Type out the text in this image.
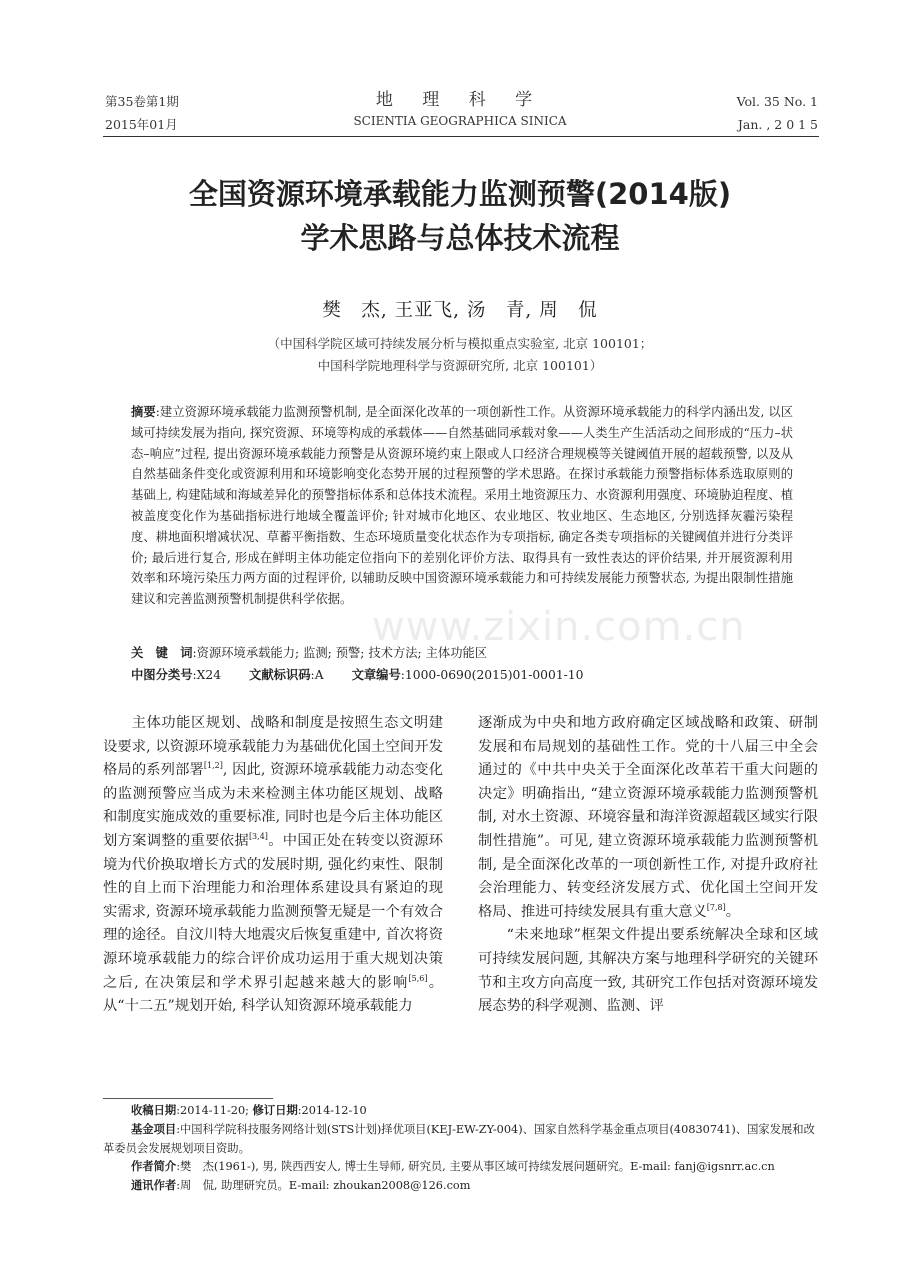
第35卷第1期
2015年01月
地 理 科 学
SCIENTIA GEOGRAPHICA SINICA
Vol. 35 No. 1
Jan. , 2 0 1 5
全国资源环境承载能力监测预警(2014版)
学术思路与总体技术流程
樊　杰, 王亚飞, 汤　青, 周　侃
（中国科学院区域可持续发展分析与模拟重点实验室, 北京 100101；
中国科学院地理科学与资源研究所, 北京 100101）
摘要:建立资源环境承载能力监测预警机制, 是全面深化改革的一项创新性工作。从资源环境承载能力的科学内涵出发, 以区域可持续发展为指向, 探究资源、环境等构成的承载体——自然基础同承载对象——人类生产生活活动之间形成的“压力–状态–响应”过程, 提出资源环境承载能力预警是从资源环境约束上限或人口经济合理规模等关键阈值开展的超载预警, 以及从自然基础条件变化或资源利用和环境影响变化态势开展的过程预警的学术思路。在探讨承载能力预警指标体系选取原则的基础上, 构建陆域和海域差异化的预警指标体系和总体技术流程。采用土地资源压力、水资源利用强度、环境胁迫程度、植被盖度变化作为基础指标进行地域全覆盖评价; 针对城市化地区、农业地区、牧业地区、生态地区, 分别选择灰霾污染程度、耕地面积增减状况、草蓄平衡指数、生态环境质量变化状态作为专项指标, 确定各类专项指标的关键阈值并进行分类评价; 最后进行复合, 形成在鲜明主体功能定位指向下的差别化评价方法、取得具有一致性表达的评价结果, 并开展资源利用效率和环境污染压力两方面的过程评价, 以辅助反映中国资源环境承载能力和可持续发展能力预警状态, 为提出限制性措施建议和完善监测预警机制提供科学依据。
关　键　词:资源环境承载能力; 监测; 预警; 技术方法; 主体功能区
中图分类号:X24 文献标识码:A 文章编号:1000-0690(2015)01-0001-10
www.zixin.com.cn

主体功能区规划、战略和制度是按照生态文明建设要求, 以资源环境承载能力为基础优化国土空间开发格局的系列部署[1,2], 因此, 资源环境承载能力动态变化的监测预警应当成为未来检测主体功能区规划、战略和制度实施成效的重要标准, 同时也是今后主体功能区划方案调整的重要依据[3,4]。中国正处在转变以资源环境为代价换取增长方式的发展时期, 强化约束性、限制性的自上而下治理能力和治理体系建设具有紧迫的现实需求, 资源环境承载能力监测预警无疑是一个有效合理的途径。自汶川特大地震灾后恢复重建中, 首次将资源环境承载能力的综合评价成功运用于重大规划决策之后, 在决策层和学术界引起越来越大的影响[5,6]。从“十二五”规划开始, 科学认知资源环境承载能力

逐渐成为中央和地方政府确定区域战略和政策、研制发展和布局规划的基础性工作。党的十八届三中全会通过的《中共中央关于全面深化改革若干重大问题的决定》明确指出, “建立资源环境承载能力监测预警机制, 对水土资源、环境容量和海洋资源超载区域实行限制性措施”。可见, 建立资源环境承载能力监测预警机制, 是全面深化改革的一项创新性工作, 对提升政府社会治理能力、转变经济发展方式、优化国土空间开发格局、推进可持续发展具有重大意义[7,8]。

“未来地球”框架文件提出要系统解决全球和区域可持续发展问题, 其解决方案与地理科学研究的关键环节和主攻方向高度一致, 其研究工作包括对资源环境发展态势的科学观测、监测、评

收稿日期:2014-11-20; 修订日期:2014-12-10
基金项目:中国科学院科技服务网络计划(STS计划)择优项目(KEJ-EW-ZY-004)、国家自然科学基金重点项目(40830741)、国家发展和改革委员会发展规划项目资助。
作者简介:樊　杰(1961-), 男, 陕西西安人, 博士生导师, 研究员, 主要从事区域可持续发展问题研究。E-mail: fanj@igsnrr.ac.cn
通讯作者:周　侃, 助理研究员。E-mail: zhoukan2008@126.com
